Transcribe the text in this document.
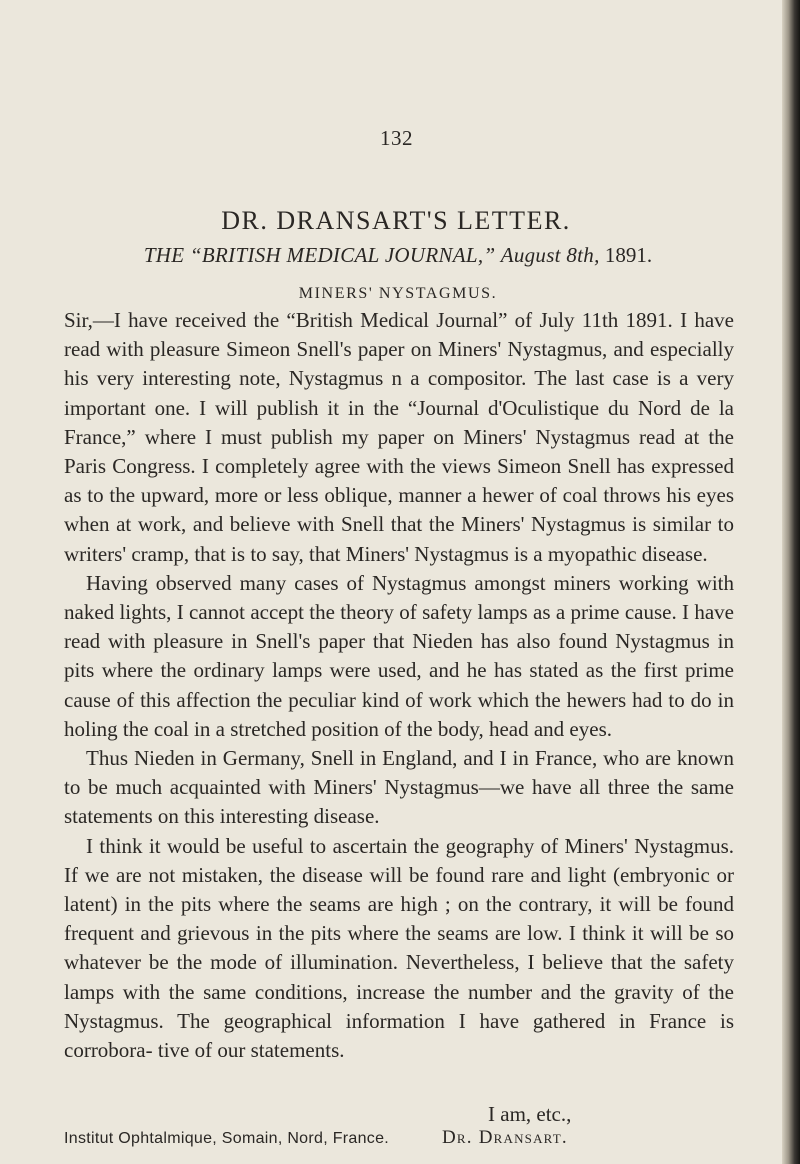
132
DR. DRANSART'S LETTER.
THE “BRITISH MEDICAL JOURNAL,” August 8th, 1891.
MINERS' NYSTAGMUS.

Sir,—I have received the “British Medical Journal” of July 11th 1891. I have read with pleasure Simeon Snell's paper on Miners' Nystagmus, and especially his very interesting note, Nystagmus n a compositor. The last case is a very important one. I will publish it in the “Journal d'Oculistique du Nord de la France,” where I must publish my paper on Miners' Nystagmus read at the Paris Congress. I completely agree with the views Simeon Snell has expressed as to the upward, more or less oblique, manner a hewer of coal throws his eyes when at work, and believe with Snell that the Miners' Nystagmus is similar to writers' cramp, that is to say, that Miners' Nystagmus is a myopathic disease.

Having observed many cases of Nystagmus amongst miners working with naked lights, I cannot accept the theory of safety lamps as a prime cause. I have read with pleasure in Snell's paper that Nieden has also found Nystagmus in pits where the ordinary lamps were used, and he has stated as the first prime cause of this affection the peculiar kind of work which the hewers had to do in holing the coal in a stretched position of the body, head and eyes.

Thus Nieden in Germany, Snell in England, and I in France, who are known to be much acquainted with Miners' Nystagmus—we have all three the same statements on this interesting disease.

I think it would be useful to ascertain the geography of Miners' Nystagmus. If we are not mistaken, the disease will be found rare and light (embryonic or latent) in the pits where the seams are high ; on the contrary, it will be found frequent and grievous in the pits where the seams are low. I think it will be so whatever be the mode of illumination. Nevertheless, I believe that the safety lamps with the same conditions, increase the number and the gravity of the Nystagmus. The geographical information I have gathered in France is corrobora- tive of our statements.

I am, etc.,
Institut Ophtalmique, Somain, Nord, France.	Dr. Dransart.
